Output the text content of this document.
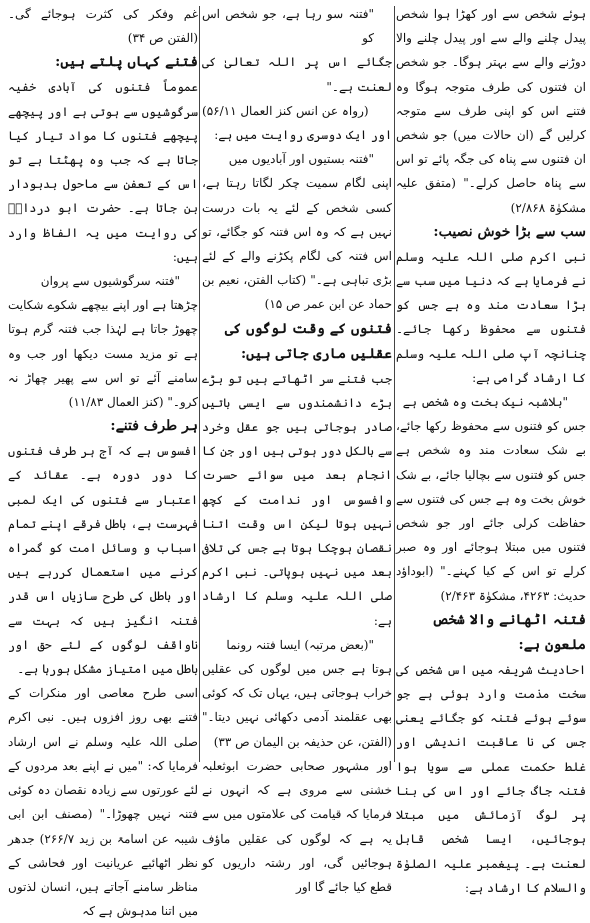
ہوئے شخص سے اور کھڑا ہوا شخص پیدل چلنے والے سے اور پیدل چلنے والا دوڑنے والے سے بہتر ہوگا۔ جو شخص ان فتنوں کی طرف متوجہ ہوگا وہ فتنے اس کو اپنی طرف سے متوجہ کرلیں گے (ان حالات میں) جو شخص ان فتنوں سے پناہ کی جگہ پائے تو اس سے پناہ حاصل کرلے۔" (متفق علیہ مشکوٰۃ ۲/۸۶۸)

سب سے بڑا خوش نصیب:

نبی اکرم صلی اللہ علیہ وسلم نے فرمایا ہے کہ دنیا میں سب سے بڑا سعادت مند وہ ہے جس کو فتنوں سے محفوظ رکھا جائے۔ چنانچہ آپ صلی اللہ علیہ وسلم کا ارشاد گرامی ہے:

"بلاشبہ نیک بخت وہ شخص ہے

جس کو فتنوں سے محفوظ رکھا جائے، بے شک سعادت مند وہ شخص ہے جس کو فتنوں سے بچالیا جائے، بے شک خوش بخت وہ ہے جس کی فتنوں سے حفاظت کرلی جائے اور جو شخص فتنوں میں مبتلا ہوجائے اور وہ صبر کرلے تو اس کے کیا کہنے۔" (ابوداؤد حدیث: ۴۲۶۳، مشکوٰۃ ۲/۴۶۳)

فتنہ اٹھانے والا شخص ملعون ہے:

احادیث شریفہ میں اس شخص کی سخت مذمت وارد ہوئی ہے جو سوئے ہوئے فتنہ کو جگائے یعنی جس کی نا عاقبت اندیشی اور غلط حکمت عملی سے سویا ہوا فتنہ جاگ جائے اور اس کی بنا پر لوگ آزمائش میں مبتلا ہوجائیں، ایسا شخص قابل لعنت ہے۔ پیغمبر علیہ الصلوٰۃ والسلام کا ارشاد ہے:

"فتنہ سو رہا ہے، جو شخص اس کو

جگائے اس پر اللہ تعالیٰ کی لعنت ہے۔"

(رواہ عن انس کنز العمال ۵۶/۱۱)

اور ایک دوسری روایت میں ہے:

"فتنہ بستیوں اور آبادیوں میں

اپنی لگام سمیت چکر لگاتا رہتا ہے، کسی شخص کے لئے یہ بات درست نہیں ہے کہ وہ اس فتنہ کو جگائے، تو اس فتنہ کی لگام پکڑنے والے کے لئے بڑی تباہی ہے۔" (کتاب الفتن، نعیم بن حماد عن ابن عمر ص ۱۵)

فتنوں کے وقت لوگوں کی عقلیں ماری جاتی ہیں:

جب فتنے سر اٹھاتے ہیں تو بڑے بڑے دانشمندوں سے ایسی باتیں صادر ہوجاتی ہیں جو عقل وخرد سے بالکل دور ہوتی ہیں اور جن کا انجام بعد میں سوائے حسرت وافسوس اور ندامت کے کچھ نہیں ہوتا لیکن اس وقت اتنا نقصان ہوچکا ہوتا ہے جس کی تلافی بعد میں نہیں ہوپاتی۔ نبی اکرم صلی اللہ علیہ وسلم کا ارشاد ہے:

"(بعض مرتبہ) ایسا فتنہ رونما

ہوتا ہے جس میں لوگوں کی عقلیں خراب ہوجاتی ہیں، یہاں تک کہ کوئی بھی عقلمند آدمی دکھائی نہیں دیتا۔" (الفتن، عن حذیفہ بن الیمان ص ۳۳)

اور مشہور صحابی حضرت ابوثعلبہ خشنی سے مروی ہے کہ انہوں نے فرمایا کہ قیامت کی علامتوں میں سے یہ ہے کہ لوگوں کی عقلیں ماؤف ہوجائیں گی، اور رشتہ داریوں کو قطع کیا جائے گا اور

غم وفکر کی کثرت ہوجائے گی۔ (الفتن ص ۳۴)

فتنے کہاں پلتے ہیں:

عموماً فتنوں کی آبادی خفیہ سرگوشیوں سے ہوتی ہے اور پیچھے پیچھے فتنوں کا مواد تیار کیا جاتا ہے کہ جب وہ پھٹتا ہے تو اس کے تعفن سے ماحول بدبودار بن جاتا ہے۔ حضرت ابو درداءؓ کی روایت میں یہ الفاظ وارد ہیں:

"فتنہ سرگوشیوں سے پروان

چڑھتا ہے اور اپنے بیچھے شکوے شکایت چھوڑ جاتا ہے لہٰذا جب فتنہ گرم ہوتا ہے تو مزید مست دیکھا اور جب وہ سامنے آئے تو اس سے پھیر چھاڑ نہ کرو۔" (کنز العمال ۱۱/۸۳)

ہر طرف فتنے:

افسوس ہے کہ آج ہر طرف فتنوں کا دور دورہ ہے۔ عقائد کے اعتبار سے فتنوں کی ایک لمبی فہرست ہے، باطل فرقے اپنے تمام اسباب و وسائل امت کو گمراہ کرنے میں استعمال کررہے ہیں اور باطل کی طرح سازیاں اس قدر فتنہ انگیز ہیں کہ بہت سے ناواقف لوگوں کے لئے حق اور باطل میں امتیاز مشکل ہورہا ہے۔

اسی طرح معاصی اور منکرات کے فتنے بھی روز افزوں ہیں۔ نبی اکرم صلی اللہ علیہ وسلم نے اس ارشاد فرمایا کہ: "میں نے اپنے بعد مردوں کے لئے عورتوں سے زیادہ نقصان دہ کوئی فتنہ نہیں چھوڑا۔" (مصنف ابن ابی شیبہ عن اسامۃ بن زید ۲۶۶/۷) جدھر نظر اٹھائیے عریانیت اور فحاشی کے مناظر سامنے آجاتے ہیں، انسان لذتوں میں اتنا مدہوش ہے کہ
